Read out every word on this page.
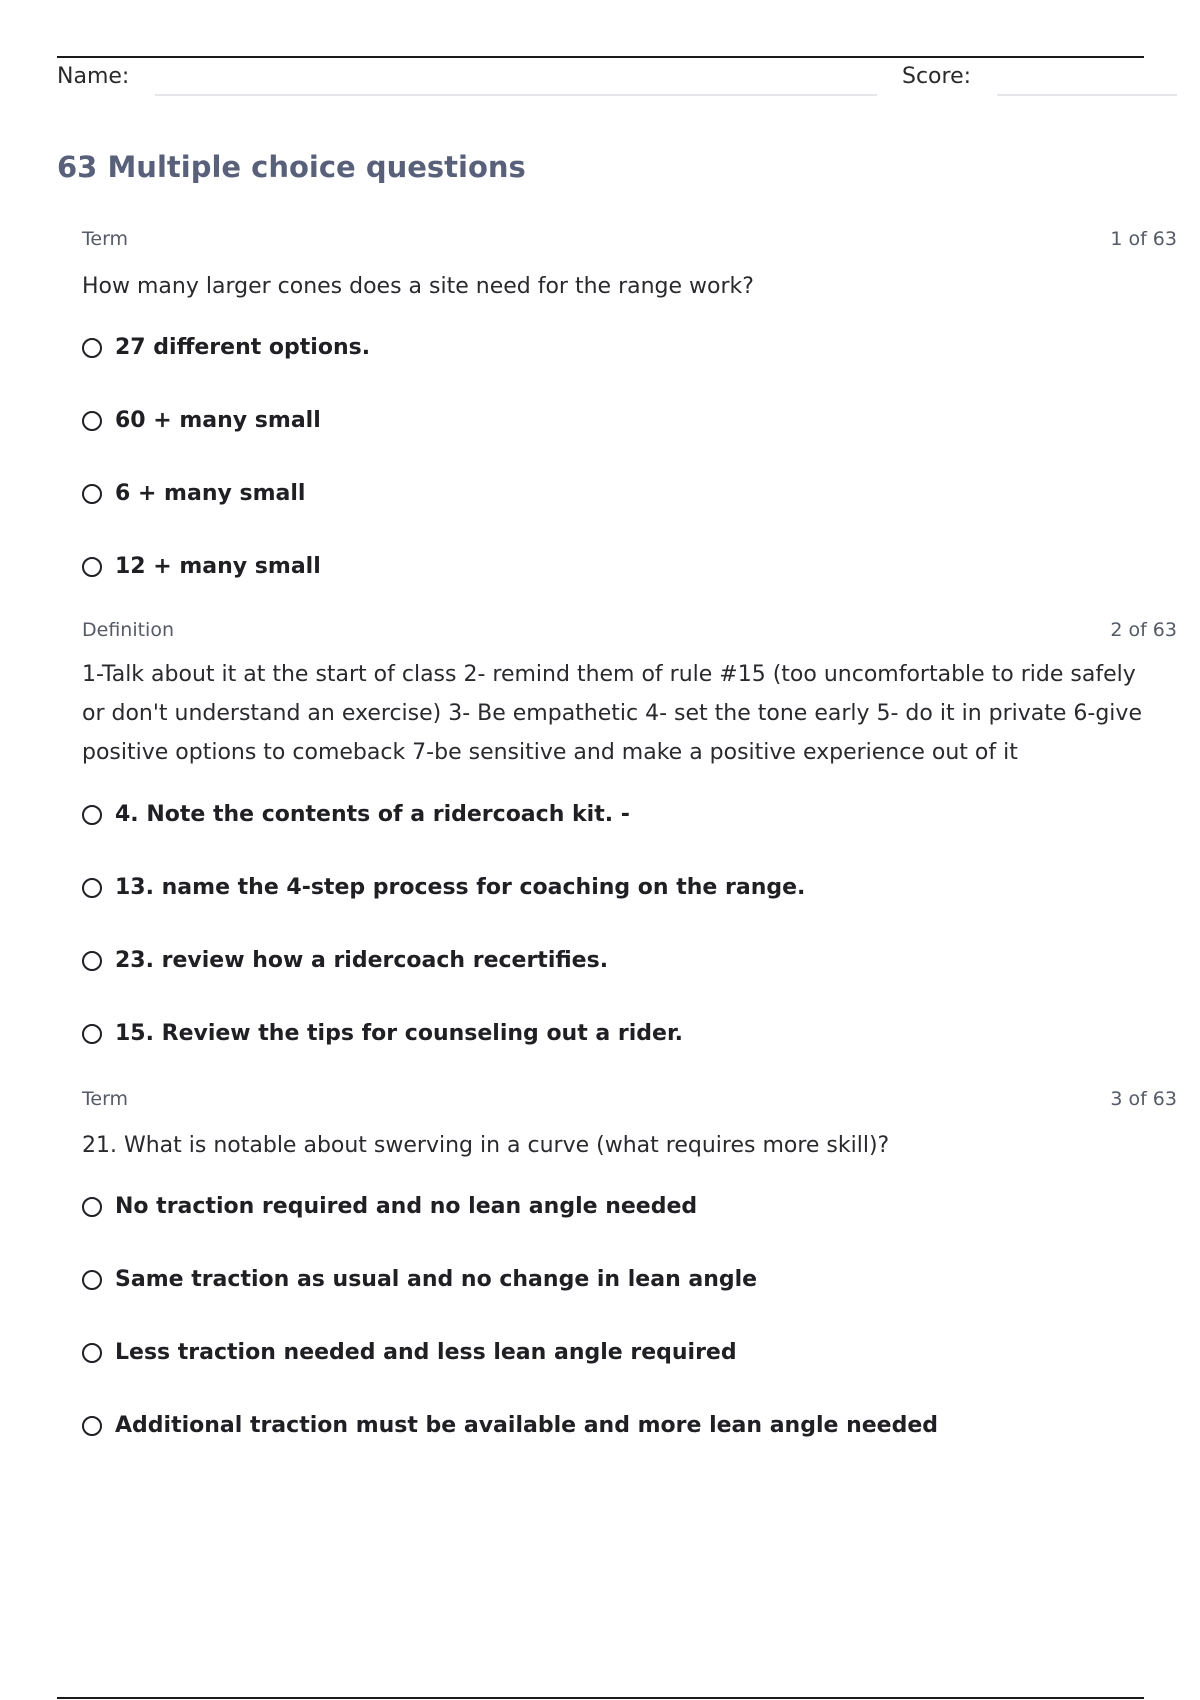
Name:	Score:
63 Multiple choice questions
Term	1 of 63
How many larger cones does a site need for the range work?
27 different options.
60 + many small
6 + many small
12 + many small
Definition	2 of 63
1-Talk about it at the start of class 2- remind them of rule #15 (too uncomfortable to ride safely or don't understand an exercise) 3- Be empathetic 4- set the tone early 5- do it in private 6-give positive options to comeback 7-be sensitive and make a positive experience out of it
4. Note the contents of a ridercoach kit. -
13. name the 4-step process for coaching on the range.
23. review how a ridercoach recertifies.
15. Review the tips for counseling out a rider.
Term	3 of 63
21. What is notable about swerving in a curve (what requires more skill)?
No traction required and no lean angle needed
Same traction as usual and no change in lean angle
Less traction needed and less lean angle required
Additional traction must be available and more lean angle needed
